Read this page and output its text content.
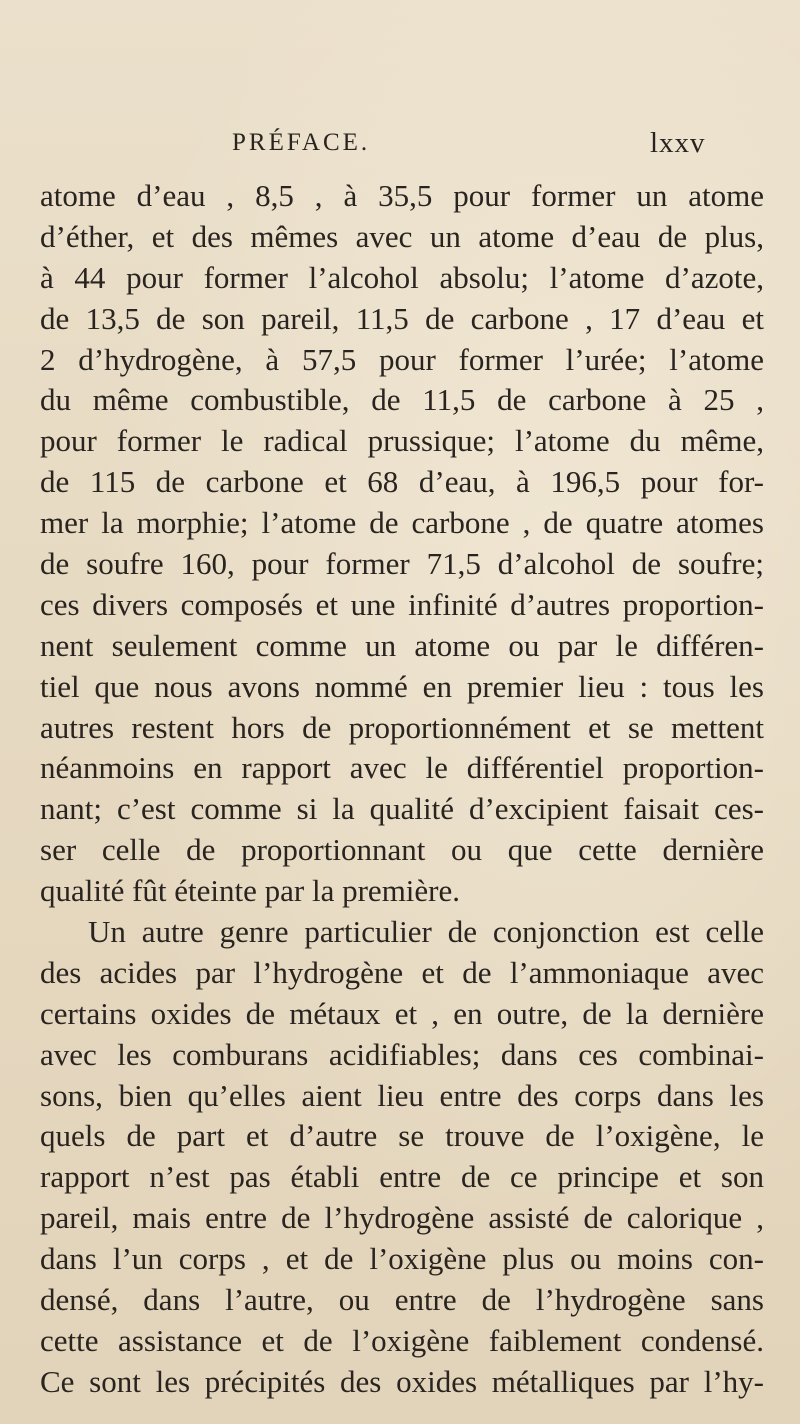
PRÉFACE.	lxxv
atome d’eau , 8,5 , à 35,5 pour former un atome
d’éther, et des mêmes avec un atome d’eau de plus,
à 44 pour former l’alcohol absolu; l’atome d’azote,
de 13,5 de son pareil, 11,5 de carbone , 17 d’eau et
2 d’hydrogène, à 57,5 pour former l’urée; l’atome
du même combustible, de 11,5 de carbone à 25 ,
pour former le radical prussique; l’atome du même,
de 115 de carbone et 68 d’eau, à 196,5 pour for-
mer la morphie; l’atome de carbone , de quatre atomes
de soufre 160, pour former 71,5 d’alcohol de soufre;
ces divers composés et une infinité d’autres proportion-
nent seulement comme un atome ou par le différen-
tiel que nous avons nommé en premier lieu : tous les
autres restent hors de proportionnément et se mettent
néanmoins en rapport avec le différentiel proportion-
nant; c’est comme si la qualité d’excipient faisait ces-
ser celle de proportionnant ou que cette dernière
qualité fût éteinte par la première.
Un autre genre particulier de conjonction est celle
des acides par l’hydrogène et de l’ammoniaque avec
certains oxides de métaux et , en outre, de la dernière
avec les comburans acidifiables; dans ces combinai-
sons, bien qu’elles aient lieu entre des corps dans les
quels de part et d’autre se trouve de l’oxigène, le
rapport n’est pas établi entre de ce principe et son
pareil, mais entre de l’hydrogène assisté de calorique ,
dans l’un corps , et de l’oxigène plus ou moins con-
densé, dans l’autre, ou entre de l’hydrogène sans
cette assistance et de l’oxigène faiblement condensé.
Ce sont les précipités des oxides métalliques par l’hy-
